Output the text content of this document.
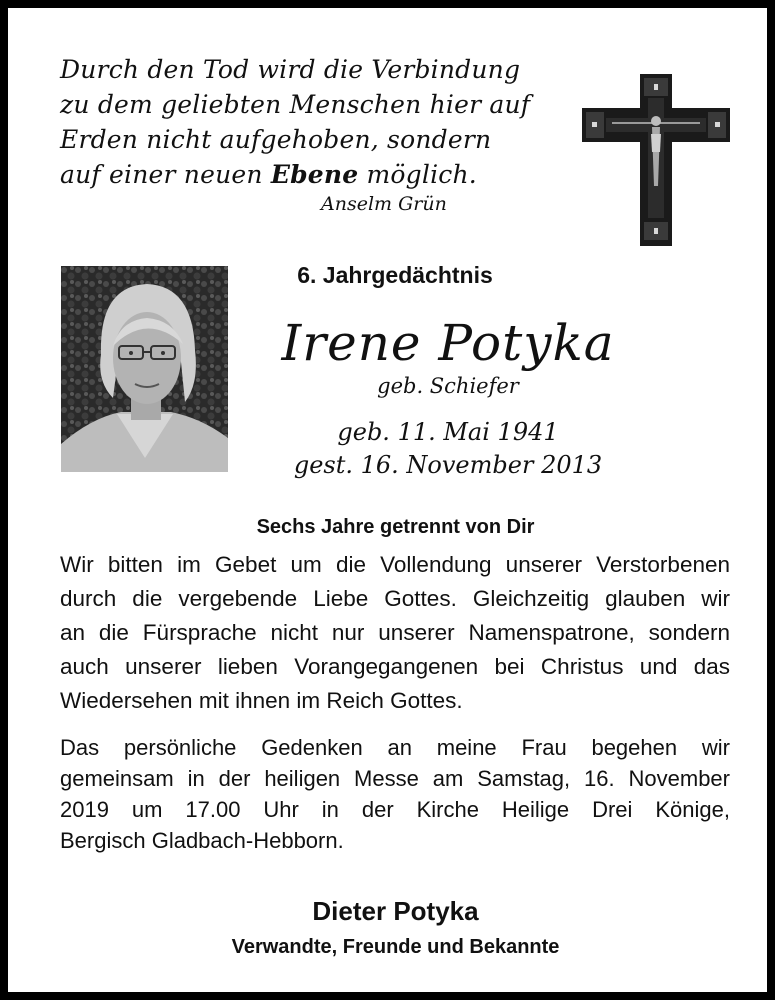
Durch den Tod wird die Verbindung
zu dem geliebten Menschen hier auf
Erden nicht aufgehoben, sondern
auf einer neuen Ebene möglich.
Anselm Grün
6. Jahrgedächtnis
Irene Potyka
geb. Schiefer
geb. 11. Mai 1941
gest. 16. November 2013
Sechs Jahre getrennt von Dir
Wir bitten im Gebet um die Vollendung unserer Verstorbenen
durch die vergebende Liebe Gottes. Gleichzeitig glauben wir
an die Fürsprache nicht nur unserer Namenspatrone, sondern
auch unserer lieben Vorangegangenen bei Christus und das
Wiedersehen mit ihnen im Reich Gottes.
Das persönliche Gedenken an meine Frau begehen wir
gemeinsam in der heiligen Messe am Samstag, 16. November
2019 um 17.00 Uhr in der Kirche Heilige Drei Könige,
Bergisch Gladbach-Hebborn.
Dieter Potyka
Verwandte, Freunde und Bekannte
